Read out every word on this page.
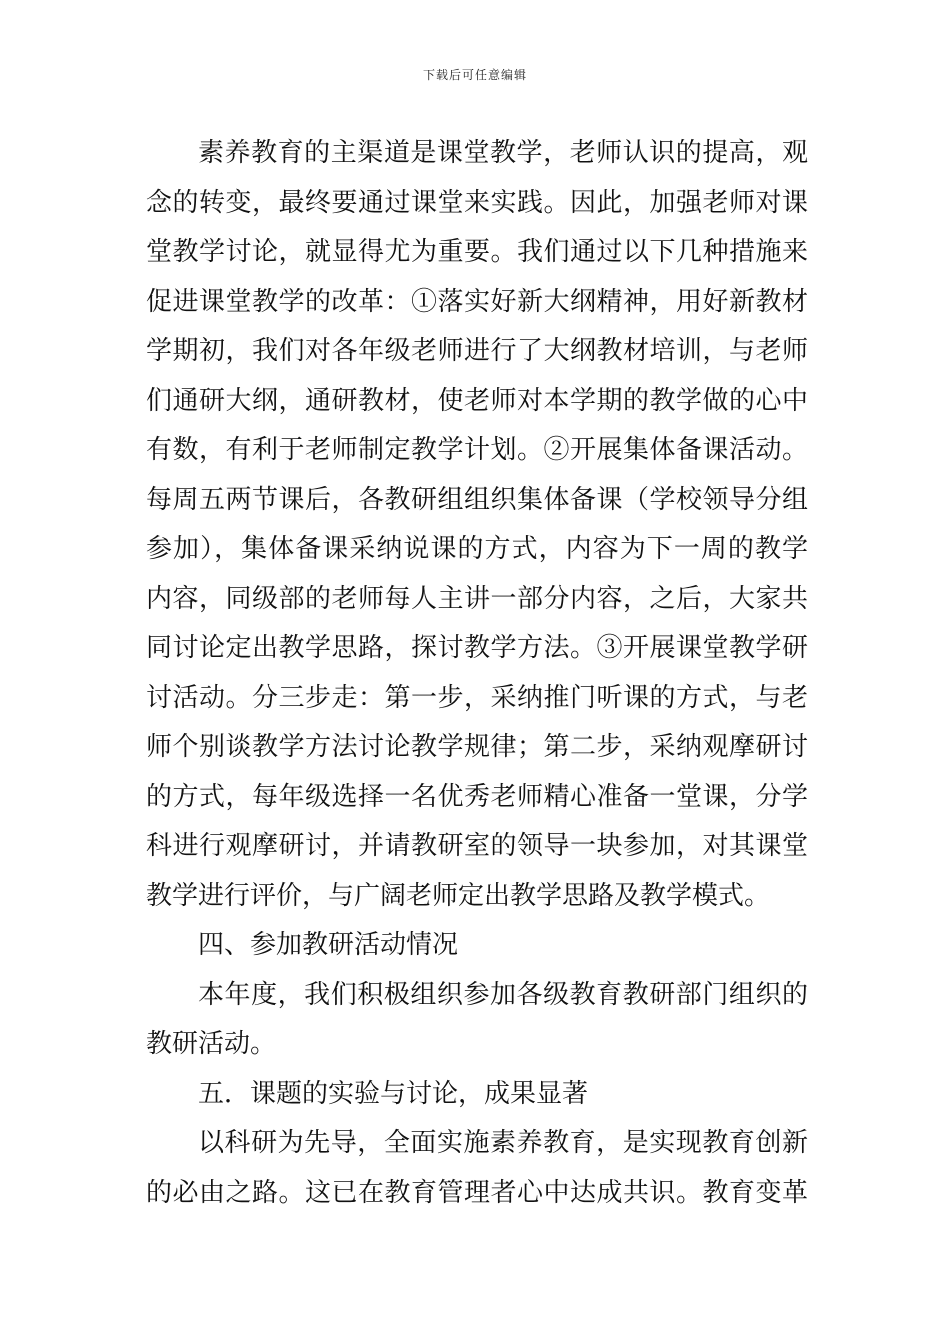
下载后可任意编辑
素养教育的主渠道是课堂教学，老师认识的提高，观
念的转变，最终要通过课堂来实践。因此，加强老师对课
堂教学讨论，就显得尤为重要。我们通过以下几种措施来
促进课堂教学的改革：①落实好新大纲精神，用好新教材
学期初，我们对各年级老师进行了大纲教材培训，与老师
们通研大纲，通研教材，使老师对本学期的教学做的心中
有数，有利于老师制定教学计划。②开展集体备课活动。
每周五两节课后，各教研组组织集体备课（学校领导分组
参加），集体备课采纳说课的方式，内容为下一周的教学
内容，同级部的老师每人主讲一部分内容，之后，大家共
同讨论定出教学思路，探讨教学方法。③开展课堂教学研
讨活动。分三步走：第一步，采纳推门听课的方式，与老
师个别谈教学方法讨论教学规律；第二步，采纳观摩研讨
的方式，每年级选择一名优秀老师精心准备一堂课，分学
科进行观摩研讨，并请教研室的领导一块参加，对其课堂
教学进行评价，与广阔老师定出教学思路及教学模式。
四、参加教研活动情况
本年度，我们积极组织参加各级教育教研部门组织的
教研活动。
五．课题的实验与讨论，成果显著
以科研为先导，全面实施素养教育，是实现教育创新
的必由之路。这已在教育管理者心中达成共识。教育变革
